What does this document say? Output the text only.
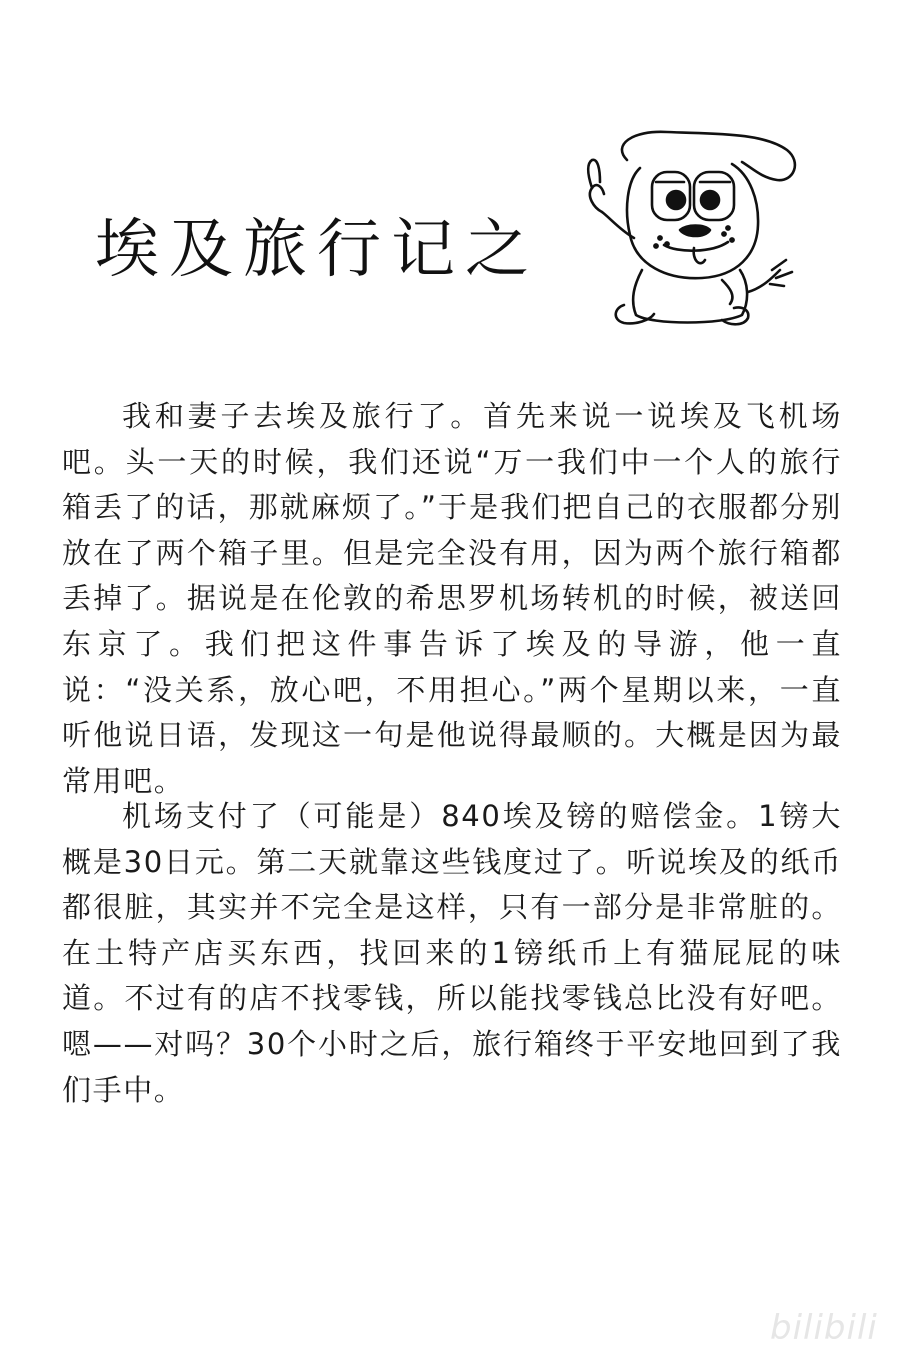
埃及旅行记之

我和妻子去埃及旅行了。首先来说一说埃及飞机场吧。头一天的时候，我们还说“万一我们中一个人的旅行箱丢了的话，那就麻烦了。”于是我们把自己的衣服都分别放在了两个箱子里。但是完全没有用，因为两个旅行箱都丢掉了。据说是在伦敦的希思罗机场转机的时候，被送回东京了。我们把这件事告诉了埃及的导游，他一直说：“没关系，放心吧，不用担心。”两个星期以来，一直听他说日语，发现这一句是他说得最顺的。大概是因为最常用吧。

机场支付了（可能是）840埃及镑的赔偿金。1镑大概是30日元。第二天就靠这些钱度过了。听说埃及的纸币都很脏，其实并不完全是这样，只有一部分是非常脏的。在土特产店买东西，找回来的1镑纸币上有猫屁屁的味道。不过有的店不找零钱，所以能找零钱总比没有好吧。嗯——对吗？30个小时之后，旅行箱终于平安地回到了我们手中。

bilibili
